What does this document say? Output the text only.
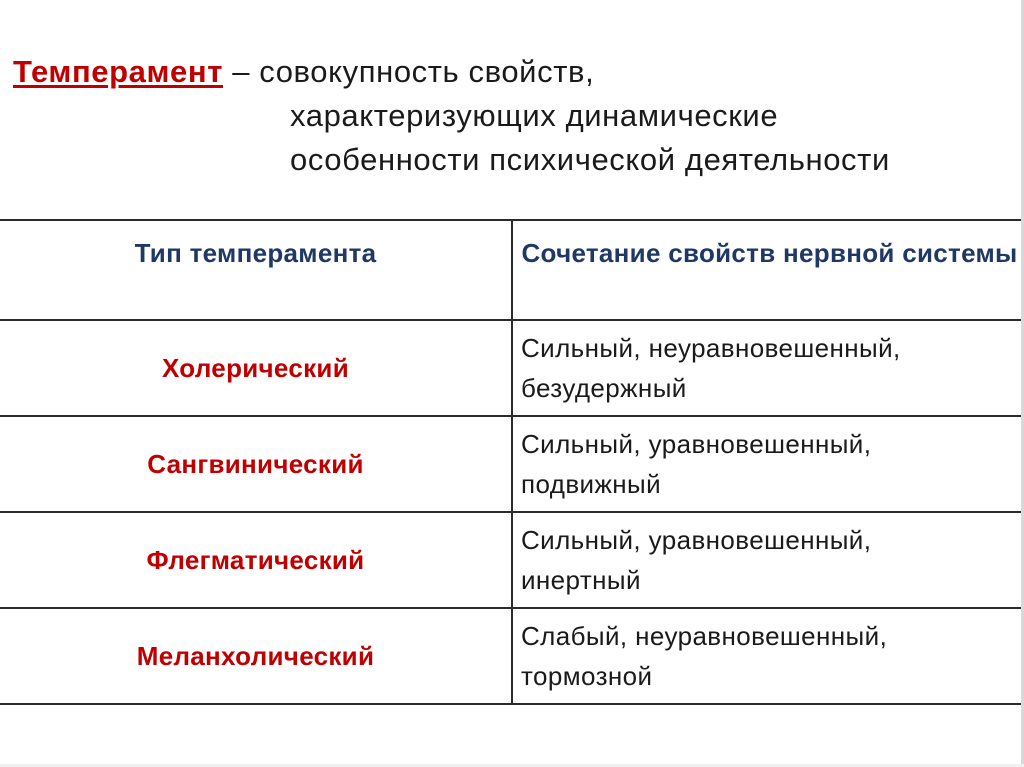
Темперамент – совокупность свойств,
характеризующих динамические
особенности психической деятельности
Тип темперамента	Сочетание свойств нервной системы
Холерический	Сильный, неуравновешенный,
безудержный

Сангвинический	Сильный, уравновешенный,
подвижный

Флегматический	Сильный, уравновешенный,
инертный

Меланхолический	Слабый, неуравновешенный,
тормозной
